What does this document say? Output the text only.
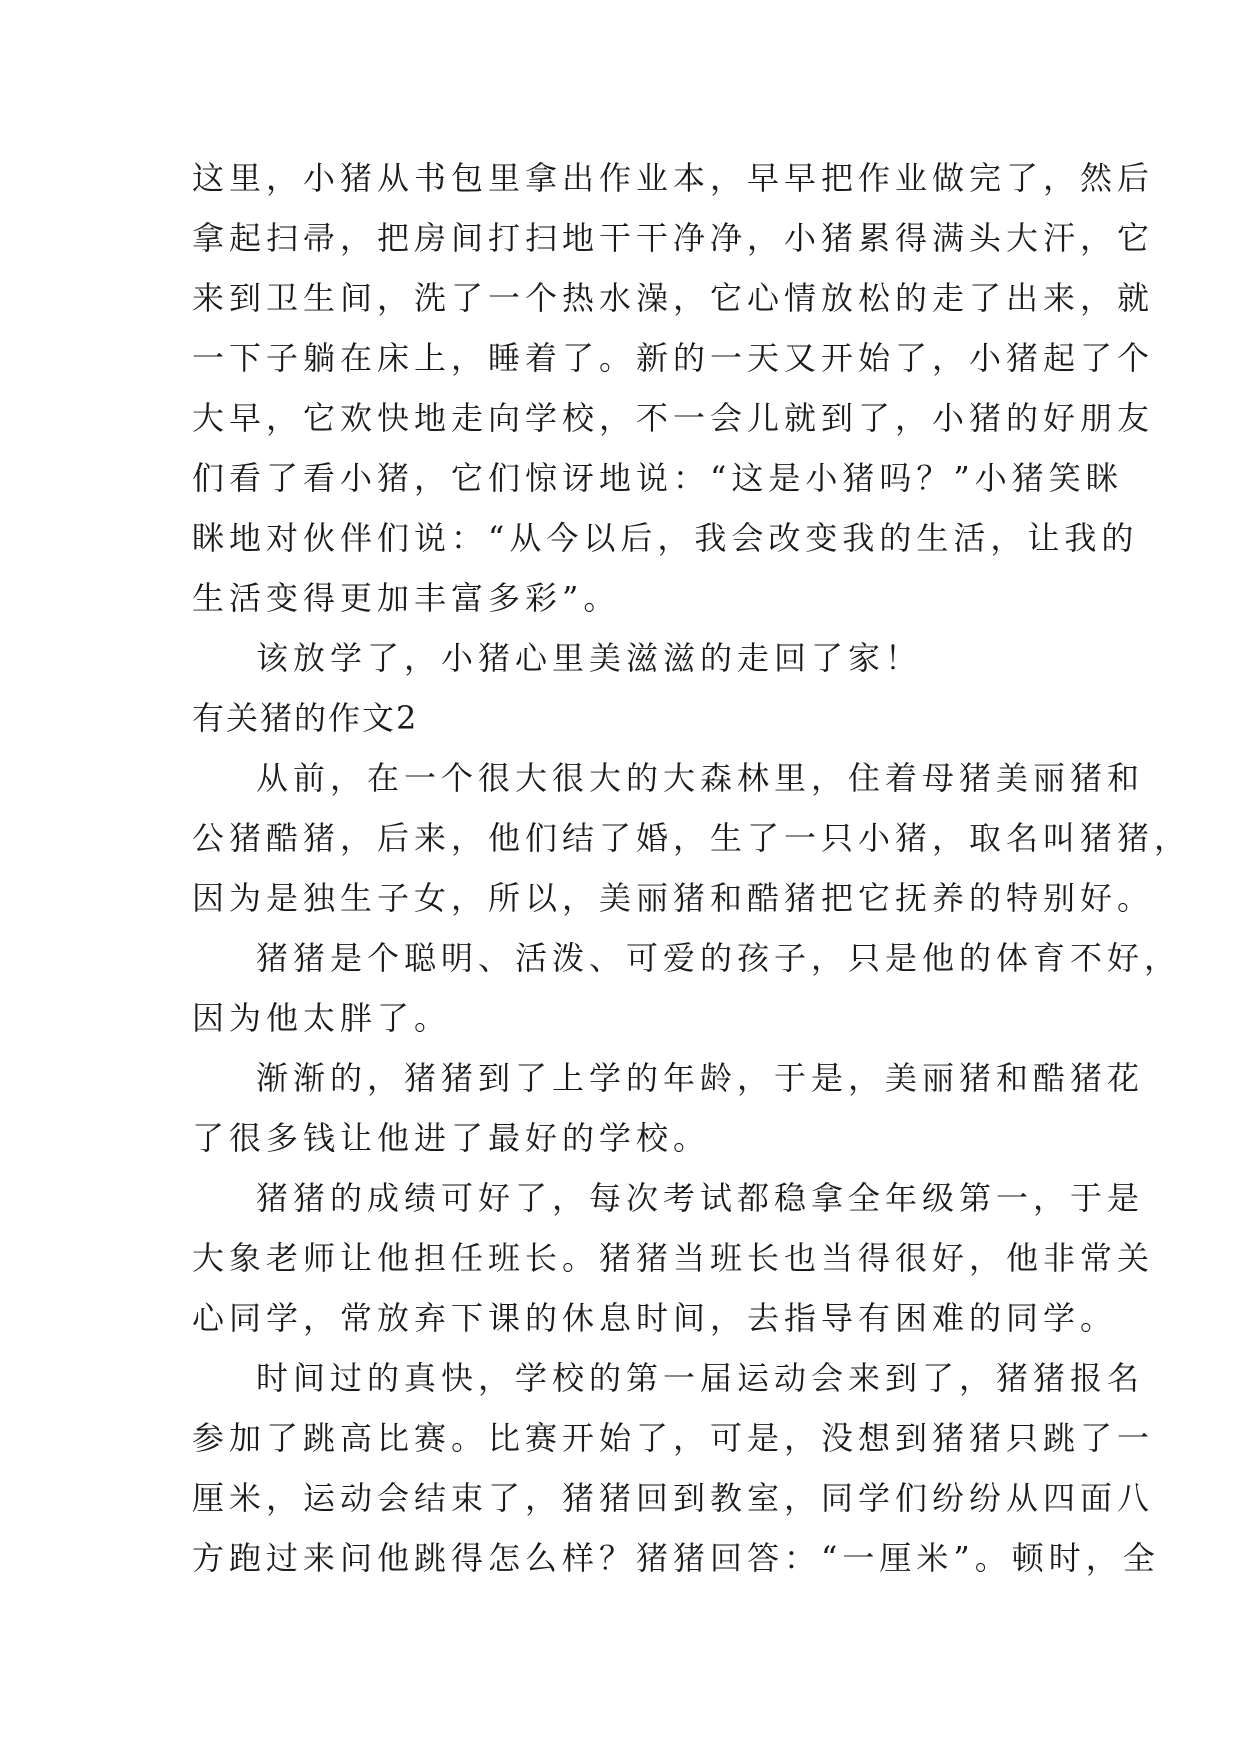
这里，小猪从书包里拿出作业本，早早把作业做完了，然后
拿起扫帚，把房间打扫地干干净净，小猪累得满头大汗，它
来到卫生间，洗了一个热水澡，它心情放松的走了出来，就
一下子躺在床上，睡着了。新的一天又开始了，小猪起了个
大早，它欢快地走向学校，不一会儿就到了，小猪的好朋友
们看了看小猪，它们惊讶地说：“这是小猪吗？”小猪笑眯
眯地对伙伴们说：“从今以后，我会改变我的生活，让我的
生活变得更加丰富多彩”。
该放学了，小猪心里美滋滋的走回了家！
有关猪的作文2
从前，在一个很大很大的大森林里，住着母猪美丽猪和
公猪酷猪，后来，他们结了婚，生了一只小猪，取名叫猪猪，
因为是独生子女，所以，美丽猪和酷猪把它抚养的特别好。
猪猪是个聪明、活泼、可爱的孩子，只是他的体育不好，
因为他太胖了。
渐渐的，猪猪到了上学的年龄，于是，美丽猪和酷猪花
了很多钱让他进了最好的学校。
猪猪的成绩可好了，每次考试都稳拿全年级第一，于是
大象老师让他担任班长。猪猪当班长也当得很好，他非常关
心同学，常放弃下课的休息时间，去指导有困难的同学。
时间过的真快，学校的第一届运动会来到了，猪猪报名
参加了跳高比赛。比赛开始了，可是，没想到猪猪只跳了一
厘米，运动会结束了，猪猪回到教室，同学们纷纷从四面八
方跑过来问他跳得怎么样？猪猪回答：“一厘米”。顿时，全
